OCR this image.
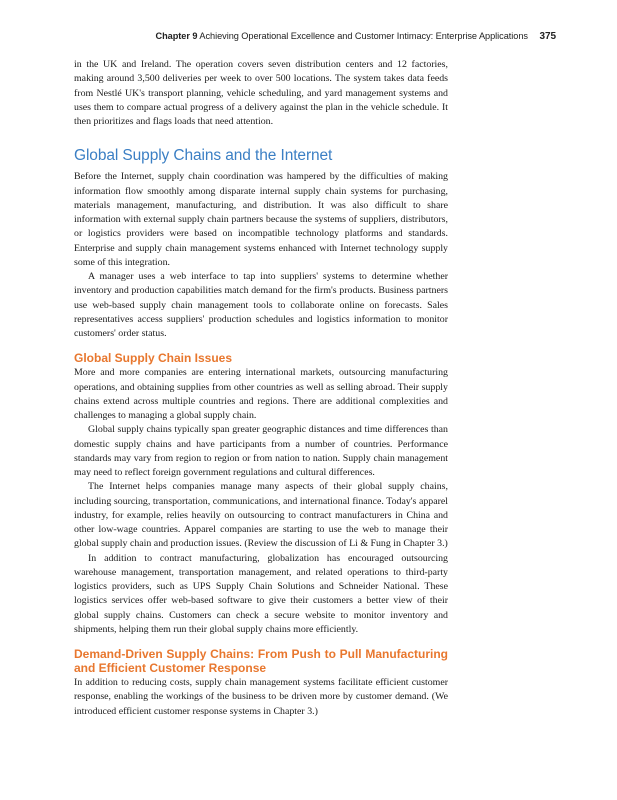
Chapter 9 Achieving Operational Excellence and Customer Intimacy: Enterprise Applications 375

in the UK and Ireland. The operation covers seven distribution centers and 12 factories, making around 3,500 deliveries per week to over 500 locations. The system takes data feeds from Nestlé UK's transport planning, vehicle scheduling, and yard management systems and uses them to compare actual progress of a delivery against the plan in the vehicle schedule. It then prioritizes and flags loads that need attention.

Global Supply Chains and the Internet

Before the Internet, supply chain coordination was hampered by the difficulties of making information flow smoothly among disparate internal supply chain systems for purchasing, materials management, manufacturing, and distribution. It was also difficult to share information with external supply chain partners because the systems of suppliers, distributors, or logistics providers were based on incompatible technology platforms and standards. Enterprise and supply chain management systems enhanced with Internet technology supply some of this integration.

A manager uses a web interface to tap into suppliers' systems to determine whether inventory and production capabilities match demand for the firm's products. Business partners use web-based supply chain management tools to collaborate online on forecasts. Sales representatives access suppliers' production schedules and logistics information to monitor customers' order status.

Global Supply Chain Issues

More and more companies are entering international markets, outsourcing manufacturing operations, and obtaining supplies from other countries as well as selling abroad. Their supply chains extend across multiple countries and regions. There are additional complexities and challenges to managing a global supply chain.

Global supply chains typically span greater geographic distances and time differences than domestic supply chains and have participants from a number of countries. Performance standards may vary from region to region or from nation to nation. Supply chain management may need to reflect foreign government regulations and cultural differences.

The Internet helps companies manage many aspects of their global supply chains, including sourcing, transportation, communications, and international finance. Today's apparel industry, for example, relies heavily on outsourcing to contract manufacturers in China and other low-wage countries. Apparel companies are starting to use the web to manage their global supply chain and production issues. (Review the discussion of Li & Fung in Chapter 3.)

In addition to contract manufacturing, globalization has encouraged outsourcing warehouse management, transportation management, and related operations to third-party logistics providers, such as UPS Supply Chain Solutions and Schneider National. These logistics services offer web-based software to give their customers a better view of their global supply chains. Customers can check a secure website to monitor inventory and shipments, helping them run their global supply chains more efficiently.

Demand-Driven Supply Chains: From Push to Pull Manufacturing and Efficient Customer Response

In addition to reducing costs, supply chain management systems facilitate efficient customer response, enabling the workings of the business to be driven more by customer demand. (We introduced efficient customer response systems in Chapter 3.)
